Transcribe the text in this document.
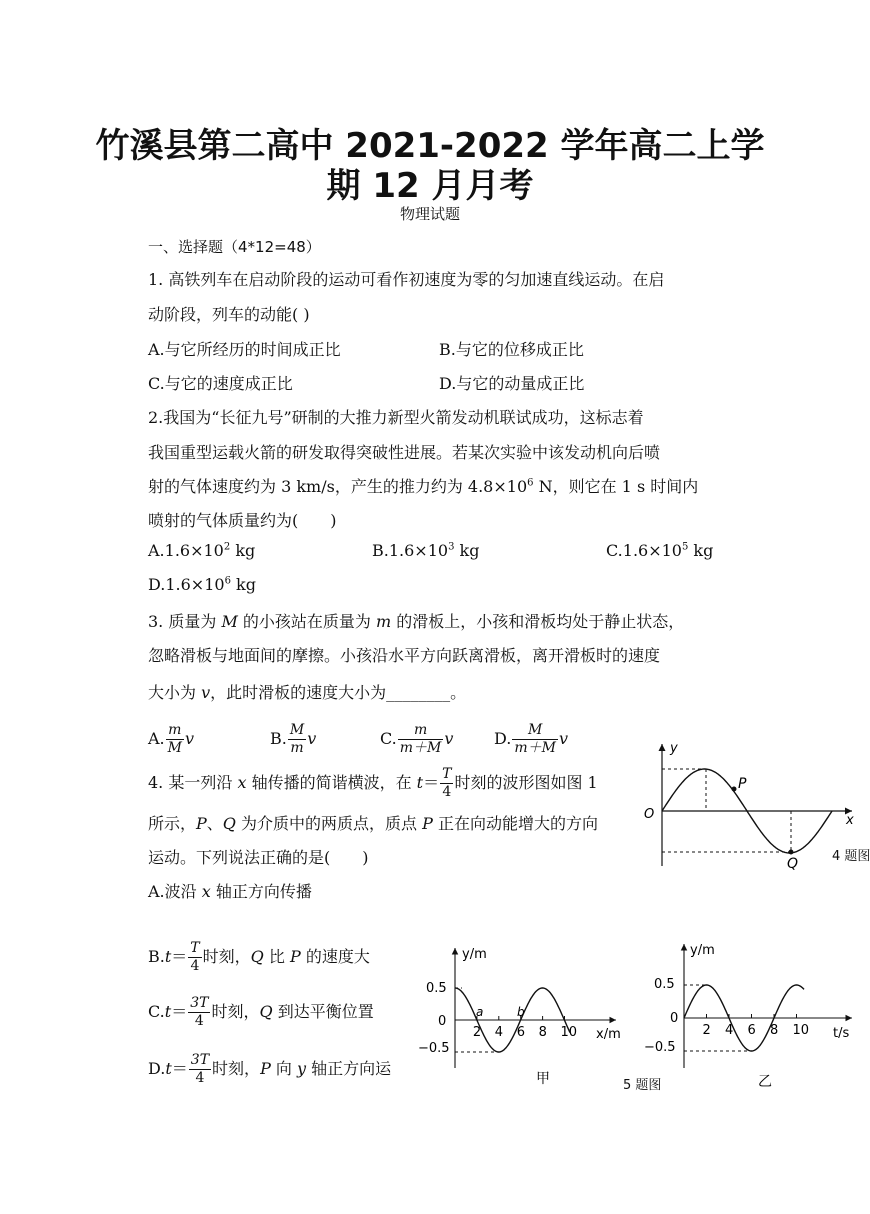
竹溪县第二高中 2021-2022 学年高二上学
期 12 月月考
物理试题
一、选择题（4*12=48）
1. 高铁列车在启动阶段的运动可看作初速度为零的匀加速直线运动。在启
动阶段，列车的动能( )
A.与它所经历的时间成正比	B.与它的位移成正比
C.与它的速度成正比	D.与它的动量成正比
2.我国为“长征九号”研制的大推力新型火箭发动机联试成功，这标志着
我国重型运载火箭的研发取得突破性进展。若某次实验中该发动机向后喷
射的气体速度约为 3 km/s，产生的推力约为 $4.8\times 10^6$ N，则它在 1 s 时间内
喷射的气体质量约为(　　)
$A.1.6\times 10^2$ kg	$B.1.6\times 10^3$ kg	$C.1.6\times 10^5$ kg
$D.1.6\times 10^6$ kg
3. 质量为 M 的小孩站在质量为 m 的滑板上，小孩和滑板均处于静止状态，
忽略滑板与地面间的摩擦。小孩沿水平方向跃离滑板，离开滑板时的速度
大小为 v，此时滑板的速度大小为________。
A. $\frac{m}{M}$ v	B. $\frac{M}{m}$ v	C. $\frac{m}{m+M}$ v	D. $\frac{M}{m+M}$ v
4. 某一列沿 x 轴传播的简谐横波，在 $t= \frac{T}{4}$ 时刻的波形图如图 1
所示，P、Q 为介质中的两质点，质点 P 正在向动能增大的方向
运动。下列说法正确的是(　　)
A.波沿 x 轴正方向传播
$B.t= \frac{T}{4}$ 时刻，Q 比 P 的速度大
$C.t= \frac{3T}{4}$ 时刻，Q 到达平衡位置
$D.t= \frac{3T}{4}$ 时刻，P 向 y 轴正方向运
y
O	x
P
Q	4 题图
y/m
x/m
0.5
0
−0.5
2 4 6 8 10
a	b
甲
y/m
t/s
0.5
0
−0.5
2 4 6 8 10
乙
5 题图
